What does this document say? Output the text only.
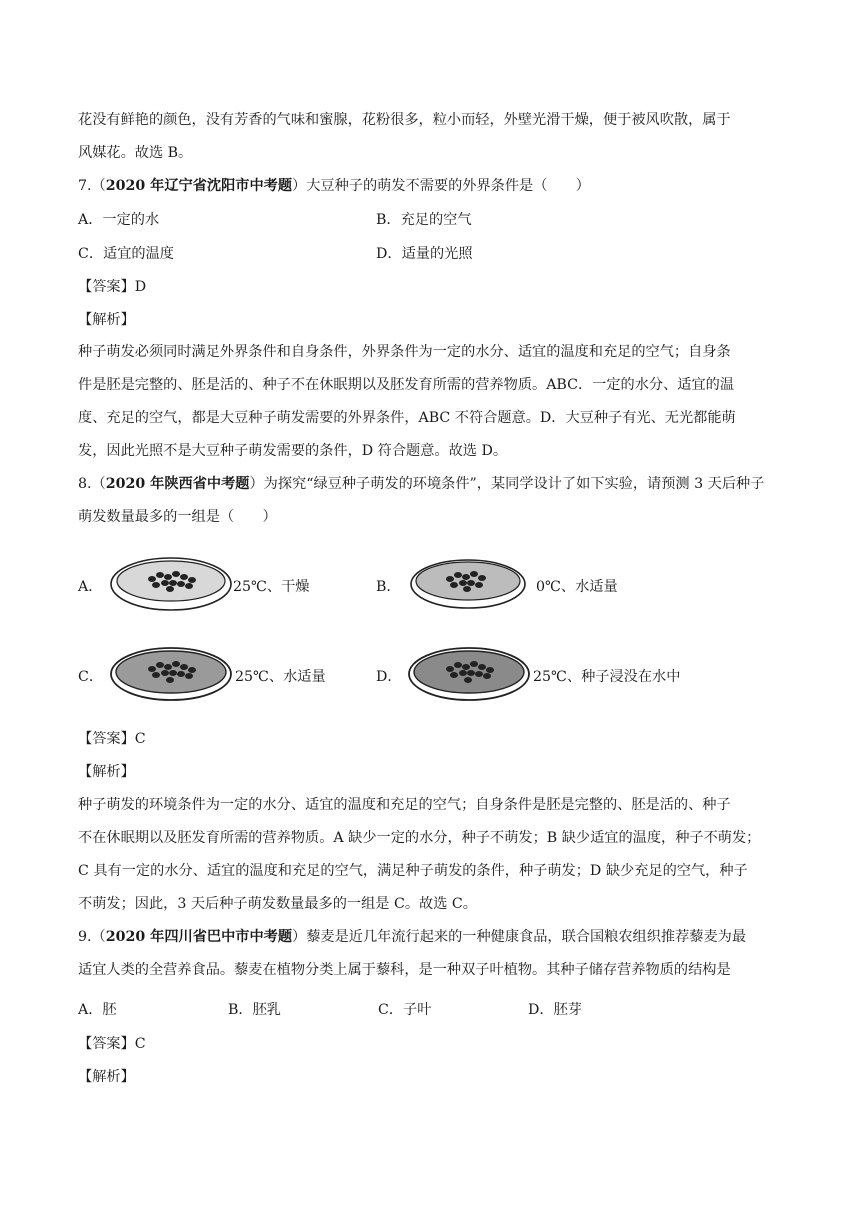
花没有鲜艳的颜色，没有芳香的气味和蜜腺，花粉很多，粒小而轻，外壁光滑干燥，便于被风吹散，属于
风媒花。故选 B。
7.（2020 年辽宁省沈阳市中考题）大豆种子的萌发不需要的外界条件是（　　）
A．一定的水	B．充足的空气
C．适宜的温度	D．适量的光照
【答案】D
【解析】
种子萌发必须同时满足外界条件和自身条件，外界条件为一定的水分、适宜的温度和充足的空气；自身条
件是胚是完整的、胚是活的、种子不在休眠期以及胚发育所需的营养物质。ABC．一定的水分、适宜的温
度、充足的空气，都是大豆种子萌发需要的外界条件，ABC 不符合题意。D．大豆种子有光、无光都能萌
发，因此光照不是大豆种子萌发需要的条件，D 符合题意。故选 D。
8.（2020 年陕西省中考题）为探究“绿豆种子萌发的环境条件”，某同学设计了如下实验，请预测 3 天后种子
萌发数量最多的一组是（　　）
A．	25℃、干燥	B．	0℃、水适量
C．	25℃、水适量	D．	25℃、种子浸没在水中
【答案】C
【解析】
种子萌发的环境条件为一定的水分、适宜的温度和充足的空气；自身条件是胚是完整的、胚是活的、种子
不在休眠期以及胚发育所需的营养物质。A 缺少一定的水分，种子不萌发；B 缺少适宜的温度，种子不萌发；
C 具有一定的水分、适宜的温度和充足的空气，满足种子萌发的条件，种子萌发；D 缺少充足的空气，种子
不萌发；因此，3 天后种子萌发数量最多的一组是 C。故选 C。
9.（2020 年四川省巴中市中考题）藜麦是近几年流行起来的一种健康食品，联合国粮农组织推荐藜麦为最
适宜人类的全营养食品。藜麦在植物分类上属于藜科，是一种双子叶植物。其种子储存营养物质的结构是
A．胚	B．胚乳	C．子叶	D．胚芽
【答案】C
【解析】
